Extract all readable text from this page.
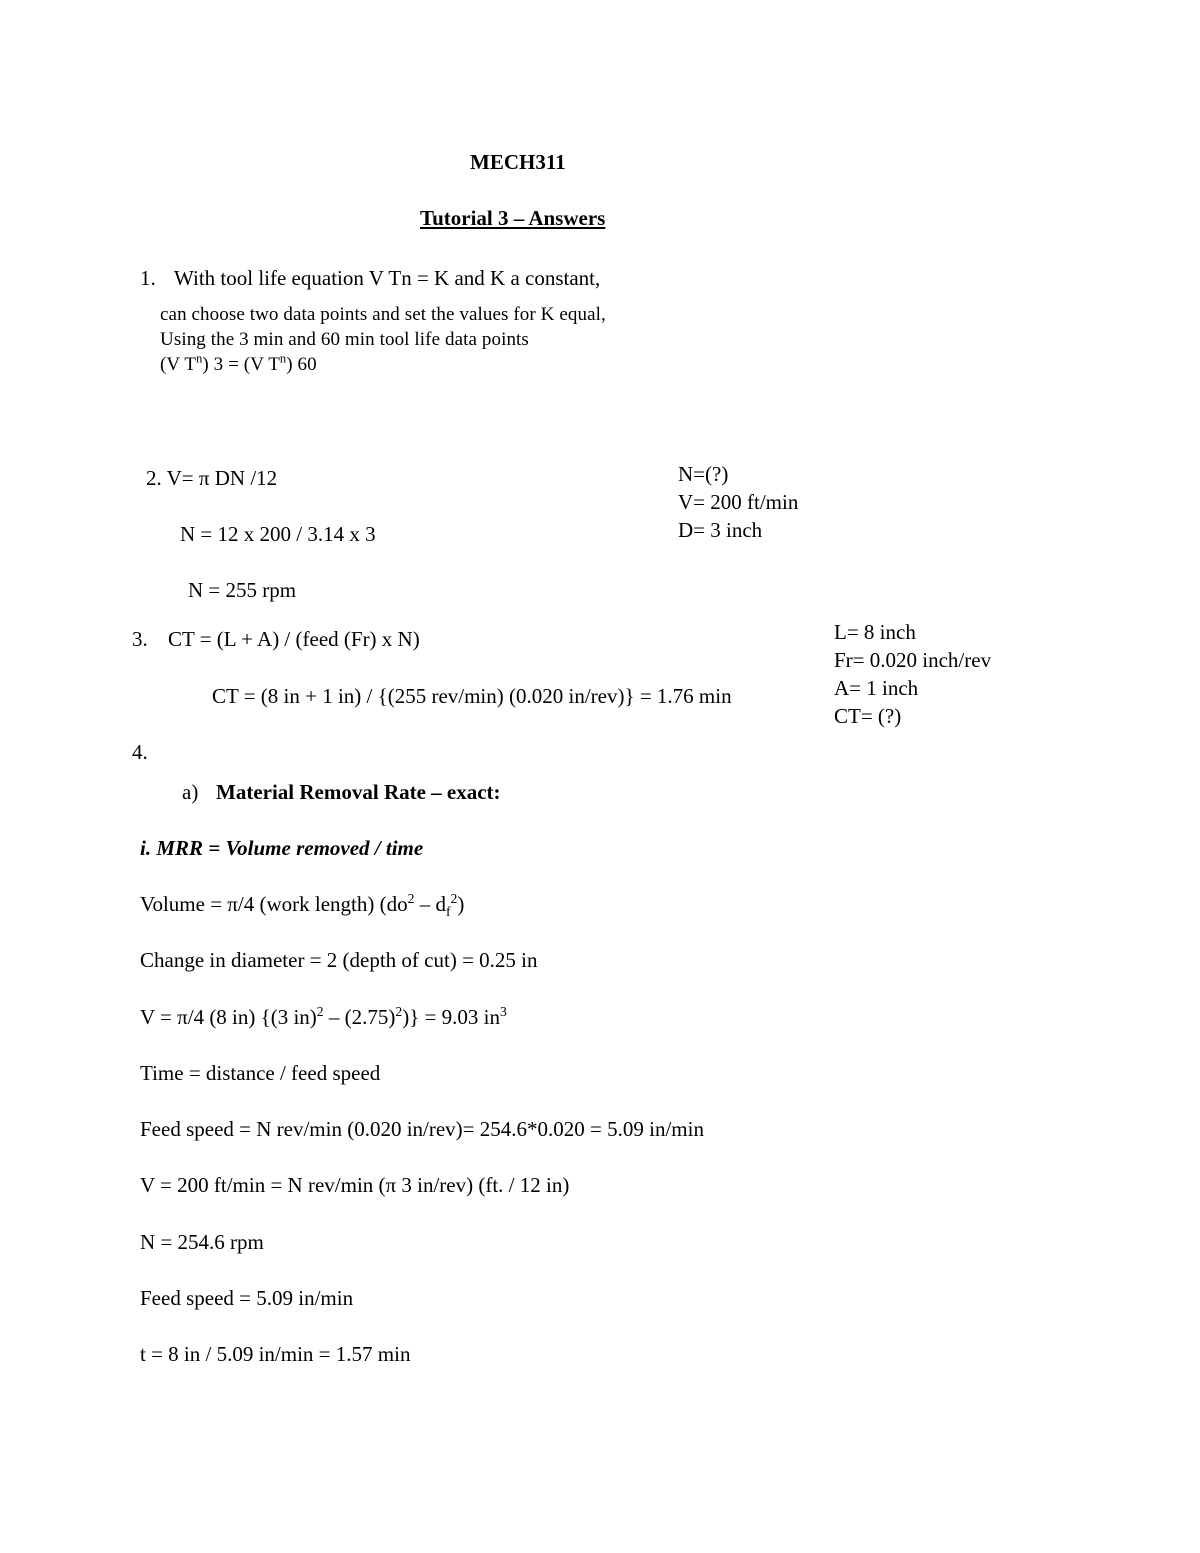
MECH311
Tutorial 3 – Answers
1. With tool life equation V Tn = K and K a constant,
can choose two data points and set the values for K equal,
Using the 3 min and 60 min tool life data points
(V $T^n$) 3 = (V $T^n$) 60
2. V= π DN /12
N = 12 x 200 / 3.14 x 3
N = 255 rpm
N=(?)
V= 200 ft/min
D= 3 inch
3. CT = (L + A) / (feed (Fr) x N)
CT = (8 in + 1 in) / {(255 rev/min) (0.020 in/rev)} = 1.76 min
L= 8 inch
Fr= 0.020 inch/rev
A= 1 inch
CT= (?)
4.
a) Material Removal Rate – exact:
i. MRR = Volume removed / time
Volume = π/4 (work length) $(do^2 - d_f^2)$
Change in diameter = 2 (depth of cut) = 0.25 in
V = π/4 (8 in) {(3 $in)^2 - (2.75)^2)\} = 9.03$ $in^3$
Time = distance / feed speed
Feed speed = N rev/min (0.020 in/rev)= 254.6*0.020 = 5.09 in/min
V = 200 ft/min = N rev/min (π 3 in/rev) (ft. / 12 in)
N = 254.6 rpm
Feed speed = 5.09 in/min
t = 8 in / 5.09 in/min = 1.57 min
